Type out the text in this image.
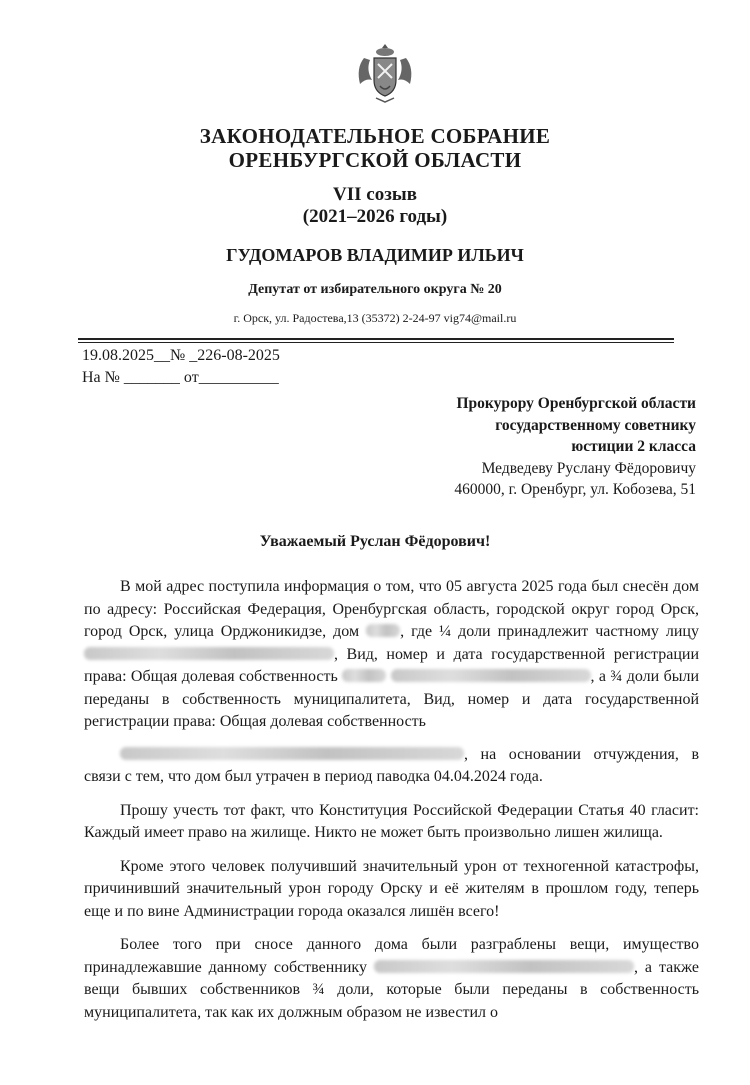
ЗАКОНОДАТЕЛЬНОЕ СОБРАНИЕ
ОРЕНБУРГСКОЙ ОБЛАСТИ
VII созыв
(2021–2026 годы)
ГУДОМАРОВ ВЛАДИМИР ИЛЬИЧ
Депутат от избирательного округа № 20
г. Орск, ул. Радостева,13 (35372) 2-24-97 vig74@mail.ru
19.08.2025__№ _226-08-2025
На № _______ от__________
Прокурору Оренбургской области
государственному советнику
юстиции 2 класса
Медведеву Руслану Фёдоровичу
460000, г. Оренбург, ул. Кобозева, 51
Уважаемый Руслан Фёдорович!

В мой адрес поступила информация о том, что 05 августа 2025 года был снесён дом по адресу: Российская Федерация, Оренбургская область, городской округ город Орск, город Орск, улица Орджоникидзе, дом , где ¼ доли принадлежит частному лицу , Вид, номер и дата государственной регистрации права: Общая долевая собственность	, а ¾ доли были переданы в собственность муниципалитета, Вид, номер и дата государственной регистрации права: Общая долевая собственность

, на основании отчуждения, в связи с тем, что дом был утрачен в период паводка 04.04.2024 года.

Прошу учесть тот факт, что Конституция Российской Федерации Статья 40 гласит: Каждый имеет право на жилище. Никто не может быть произвольно лишен жилища.

Кроме этого человек получивший значительный урон от техногенной катастрофы, причинивший значительный урон городу Орску и её жителям в прошлом году, теперь еще и по вине Администрации города оказался лишён всего!

Более того при сносе данного дома были разграблены вещи, имущество принадлежавшие данному собственнику	, а также вещи бывших собственников ¾ доли, которые были переданы в собственность муниципалитета, так как их должным образом не известил о
